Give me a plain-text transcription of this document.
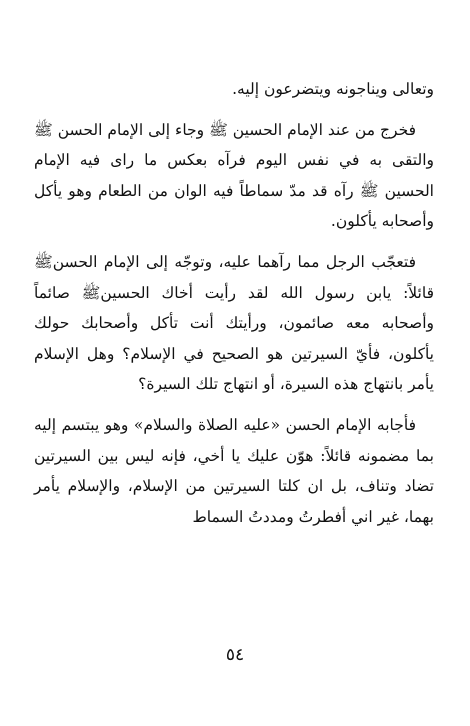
وتعالى ويناجونه ويتضرعون إليه.

فخرج من عند الإمام الحسين ﷺ وجاء إلى الإمام الحسن ﷺ والتقى به في نفس اليوم فرآه بعكس ما راى فيه الإمام الحسين ﷺ رآه قد مدّ سماطاً فيه الوان من الطعام وهو يأكل وأصحابه يأكلون.

فتعجّب الرجل مما رآهما عليه، وتوجّه إلى الإمام الحسنﷺ قائلاً: يابن رسول الله لقد رأيت أخاك الحسينﷺ صائماً وأصحابه معه صائمون، ورأيتك أنت تأكل وأصحابك حولك يأكلون، فأيّ السيرتين هو الصحيح في الإسلام؟ وهل الإسلام يأمر بانتهاج هذه السيرة، أو انتهاج تلك السيرة؟

فأجابه الإمام الحسن «عليه الصلاة والسلام» وهو يبتسم إليه بما مضمونه قائلاً: هوّن عليك يا أخي، فإنه ليس بين السيرتين تضاد وتناف، بل ان كلتا السيرتين من الإسلام، والإسلام يأمر بهما، غير اني أفطرتُ ومددتُ السماط

٥٤
